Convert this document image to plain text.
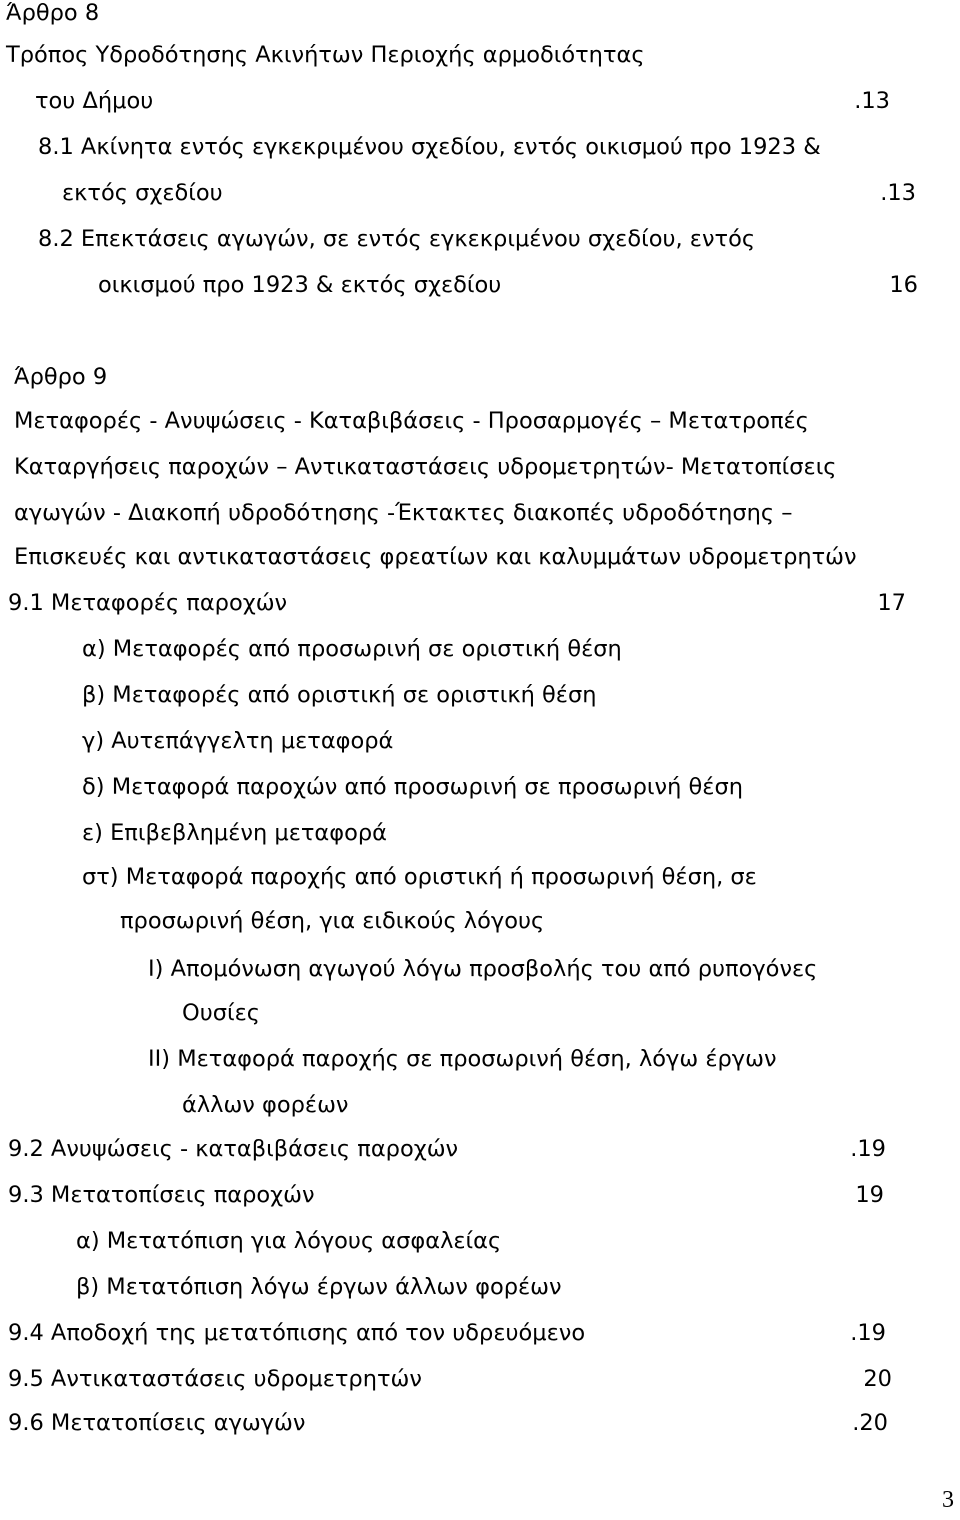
Άρθρο 8
Τρόπος Υδροδότησης Ακινήτων Περιοχής αρμοδιότητας
του Δήμου	.13
8.1 Ακίνητα εντός εγκεκριμένου σχεδίου, εντός οικισμού προ 1923 &
εκτός σχεδίου	.13
8.2 Επεκτάσεις αγωγών, σε εντός εγκεκριμένου σχεδίου, εντός
οικισμού προ 1923 & εκτός σχεδίου	16
Άρθρο 9
Μεταφορές - Ανυψώσεις - Καταβιβάσεις - Προσαρμογές – Μετατροπές
Καταργήσεις παροχών – Αντικαταστάσεις υδρομετρητών- Μετατοπίσεις
αγωγών - Διακοπή υδροδότησης -Έκτακτες διακοπές υδροδότησης –
Επισκευές και αντικαταστάσεις φρεατίων και καλυμμάτων υδρομετρητών
9.1 Μεταφορές παροχών	17
α) Μεταφορές από προσωρινή σε οριστική θέση
β) Μεταφορές από οριστική σε οριστική θέση
γ) Αυτεπάγγελτη μεταφορά
δ) Μεταφορά παροχών από προσωρινή σε προσωρινή θέση
ε) Επιβεβλημένη μεταφορά
στ) Μεταφορά παροχής από οριστική ή προσωρινή θέση, σε
προσωρινή θέση, για ειδικούς λόγους
Ι) Απομόνωση αγωγού λόγω προσβολής του από ρυπογόνες
Ουσίες
ΙΙ) Μεταφορά παροχής σε προσωρινή θέση, λόγω έργων
άλλων φορέων
9.2 Ανυψώσεις - καταβιβάσεις παροχών	.19
9.3 Μετατοπίσεις παροχών	19
α) Μετατόπιση για λόγους ασφαλείας
β) Μετατόπιση λόγω έργων άλλων φορέων
9.4 Αποδοχή της μετατόπισης από τον υδρευόμενο	.19
9.5 Αντικαταστάσεις υδρομετρητών	20
9.6 Μετατοπίσεις αγωγών	.20
3
